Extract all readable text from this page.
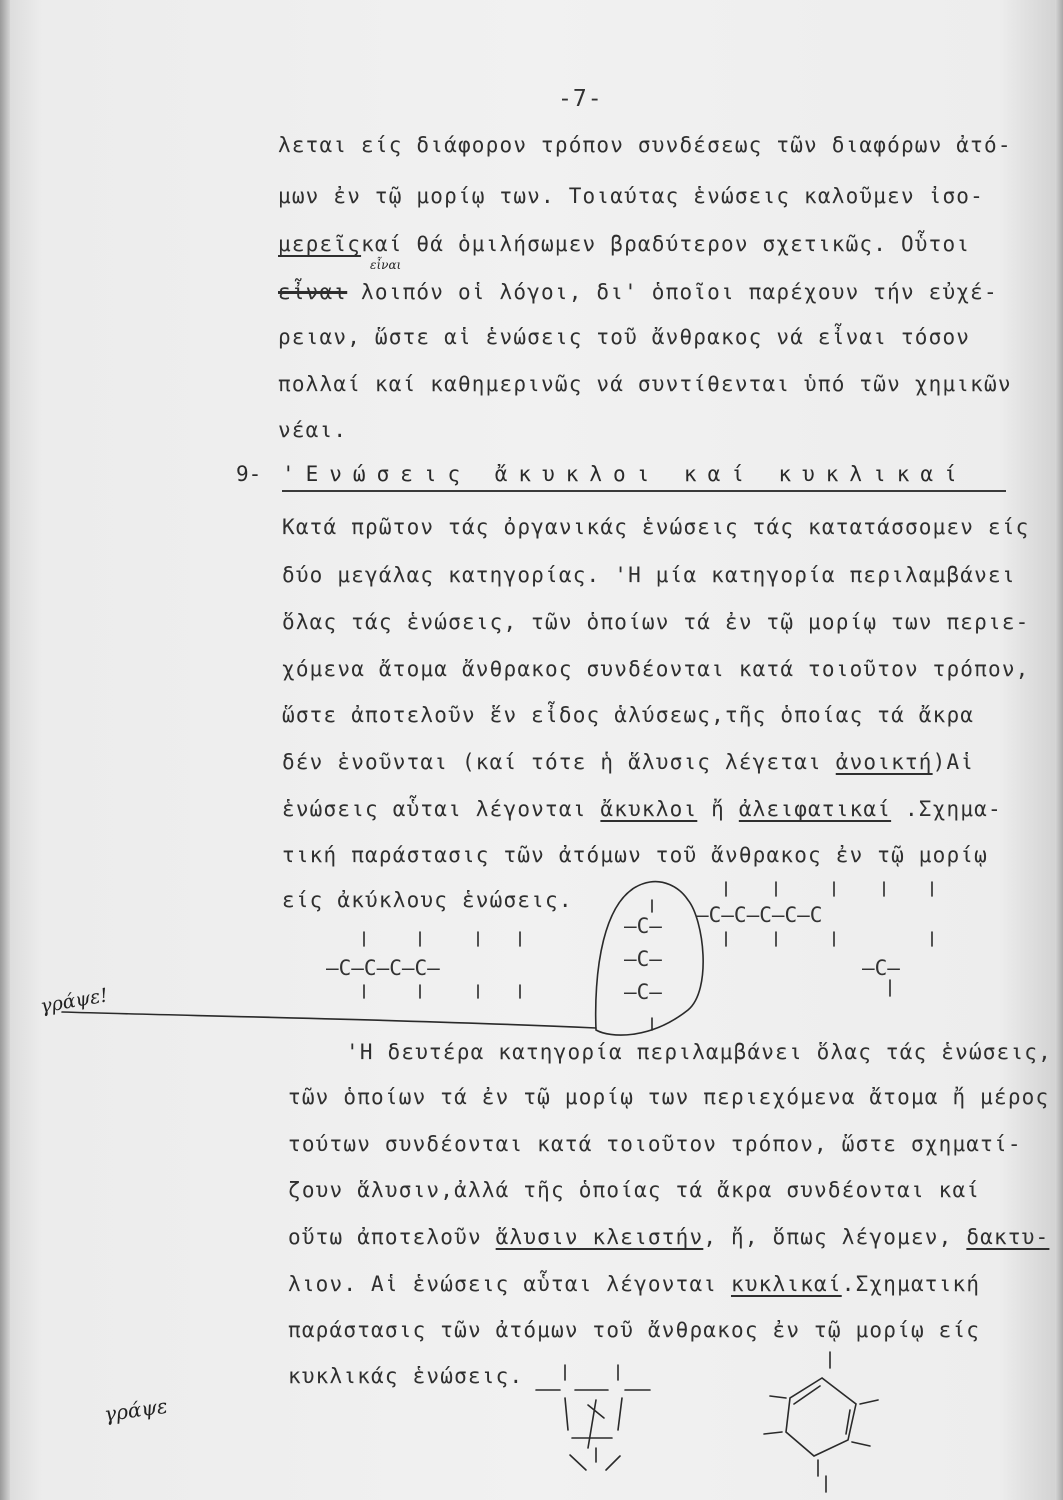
-7-
λεται είς διάφορον τρόπον συνδέσεως τῶν διαφόρων ἀτό-
μων ἐν τῷ μορίῳ των. Τοιαύτας ἑνώσεις καλοῦμεν ἰσο-
μερεῖςκαί θά ὁμιλήσωμεν βραδύτερον σχετικῶς. Οὗτοι
εἶναι λοιπόν οἱ λόγοι, δι' ὁποῖοι παρέχουν τήν εὐχέ-
εἶναι
ρειαν, ὥστε αἱ ἑνώσεις τοῦ ἄνθρακος νά εἶναι τόσον
πολλαί καί καθημερινῶς νά συντίθενται ὑπό τῶν χημικῶν
νέαι.
9- 'Ενώσεις ἄκυκλοι καί κυκλικαί
Κατά πρῶτον τάς ὀργανικάς ἑνώσεις τάς κατατάσσομεν είς
δύο μεγάλας κατηγορίας. 'Η μία κατηγορία περιλαμβάνει
ὅλας τάς ἑνώσεις, τῶν ὁποίων τά ἐν τῷ μορίῳ των περιε-
χόμενα ἄτομα ἄνθρακος συνδέονται κατά τοιοῦτον τρόπον,
ὥστε ἀποτελοῦν ἕν εἶδος ἁλύσεως,τῆς ὁποίας τά ἄκρα
δέν ἑνοῦνται (καί τότε ἡ ἅλυσις λέγεται ἀνοικτή)Αἱ
ἑνώσεις αὗται λέγονται ἄκυκλοι ἤ ἀλειφατικαί .Σχημα-
τική παράστασις τῶν ἀτόμων τοῦ ἄνθρακος ἐν τῷ μορίῳ
είς ἀκύκλους ἑνώσεις.
–C–C–C–C–
–C–
–C–
–C–
–C–C–C–C–C
–C–
'Η δευτέρα κατηγορία περιλαμβάνει ὅλας τάς ἑνώσεις,
τῶν ὁποίων τά ἐν τῷ μορίῳ των περιεχόμενα ἄτομα ἤ μέρος
τούτων συνδέονται κατά τοιοῦτον τρόπον, ὥστε σχηματί-
ζουν ἅλυσιν,ἀλλά τῆς ὁποίας τά ἄκρα συνδέονται καί
οὕτω ἀποτελοῦν ἅλυσιν κλειστήν, ἤ, ὅπως λέγομεν, δακτυ-
λιον. Αἱ ἑνώσεις αὗται λέγονται κυκλικαί.Σχηματική
παράστασις τῶν ἀτόμων τοῦ ἄνθρακος ἐν τῷ μορίῳ είς
κυκλικάς ἑνώσεις.
γράψε!
γράψε
